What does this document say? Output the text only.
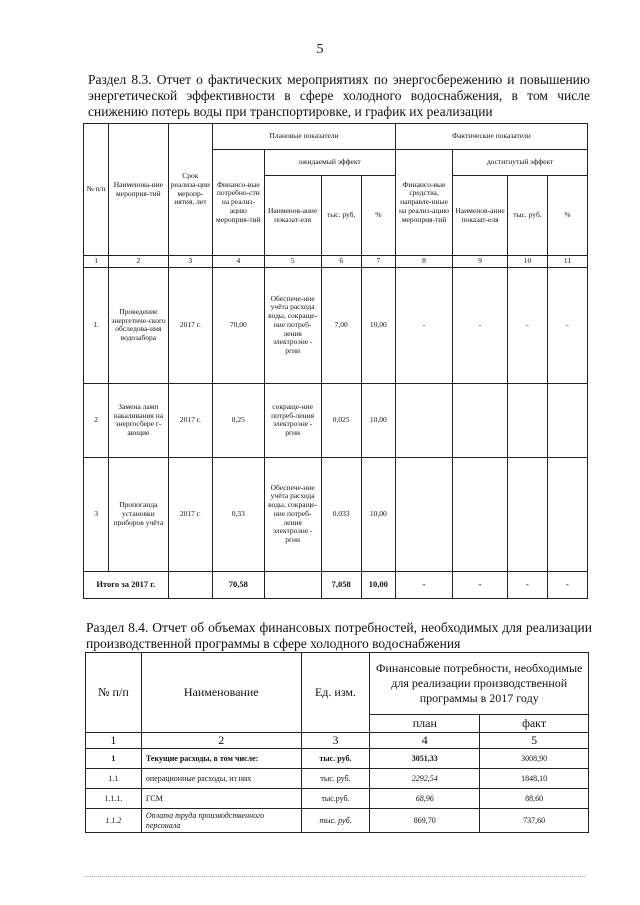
5
Раздел 8.3. Отчет о фактических мероприятиях по энергосбережению и повышению энергетической эффективности в сфере холодного водоснабжения, в том числе снижению потерь воды при транспортировке, и график их реализации
№ п/п	Наименова-ние мероприя-тий	Срок реализа-ции меропр-иятия, лет	Плановые показатели				Фактические показатели			
			Финансо-вые потребно-сти на реализ-ацию мероприя-тий	ожидаемый эффект			Финансо-вые средства, направле-нные на реализ-ацию мероприя-тий	достигнутый эффект		
				Наименов-ание показат-еля	тыс. руб.	%		Наименов-ание показат-еля	тыс. руб.	%
1	2	3	4	5	6	7	8	9	10	11
1.	Проведение энергетиче-ского обследова-ния водозабора	2017 г.	70,00	Обеспече-ние учёта расхода воды, сокраще-ние потреб-ления электроэне - ргии	7,00	10,00	-	-	-	-
2	Замена ламп накаливания на энергосбере г-ающие	2017 г.	0,25	сокраще-ние потреб-ления электроэне - ргии	0,025	10,00				
3	Пропоганда установки приборов учёта	2017 г.	0,33	Обеспече-ние учёта расхода воды, сокраще-ние потреб-ления электроэне - ргии	0,033	10,00				
Итого за 2017 г.			70,58		7,058	10,00	-	-	-	-
Раздел 8.4. Отчет об объемах финансовых потребностей, необходимых для реализации производственной программы в сфере холодного водоснабжения
№ п/п	Наименование	Ед. изм.	Финансовые потребности, необходимые для реализации производственной программы в 2017 году	
			план	факт
1	2	3	4	5
1	Текущие расходы, в том числе:	тыс. руб.	3051,33	3008,90
1.1	операционные расходы, из них	тыс. руб.	2292,54	1848,10
1.1.1.	ГСМ	тыс.руб.	68,96	88,60
1.1.2	Оплата труда производственного персонала	тыс. руб.	869,70	737,60
